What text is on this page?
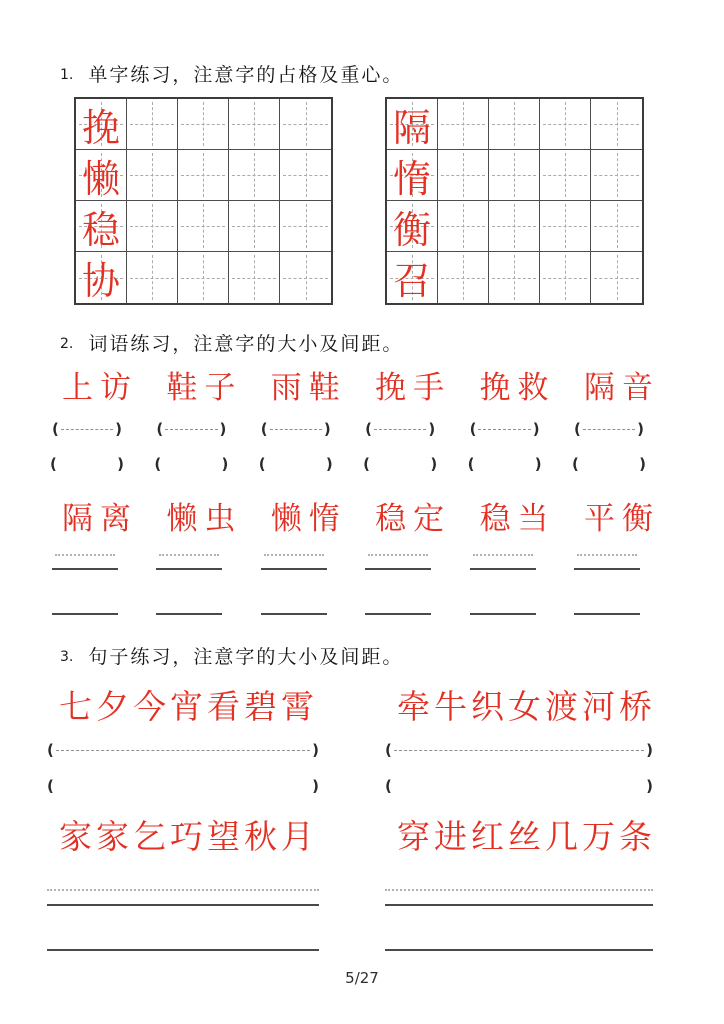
1. 单字练习，注意字的占格及重心。
挽
懒
稳
协
隔
惰
衡
召
2. 词语练习，注意字的大小及间距。
上访
(	)
(	)
鞋子
(	)
(	)
雨鞋
(	)
(	)
挽手
(	)
(	)
挽救
(	)
(	)
隔音
(	)
(	)
隔离 懒虫 懒惰 稳定 稳当 平衡
3. 句子练习，注意字的大小及间距。
七夕今宵看碧霄
(	)
(	)
牵牛织女渡河桥
(	)
(	)
家家乞巧望秋月 穿进红丝几万条
5/27
